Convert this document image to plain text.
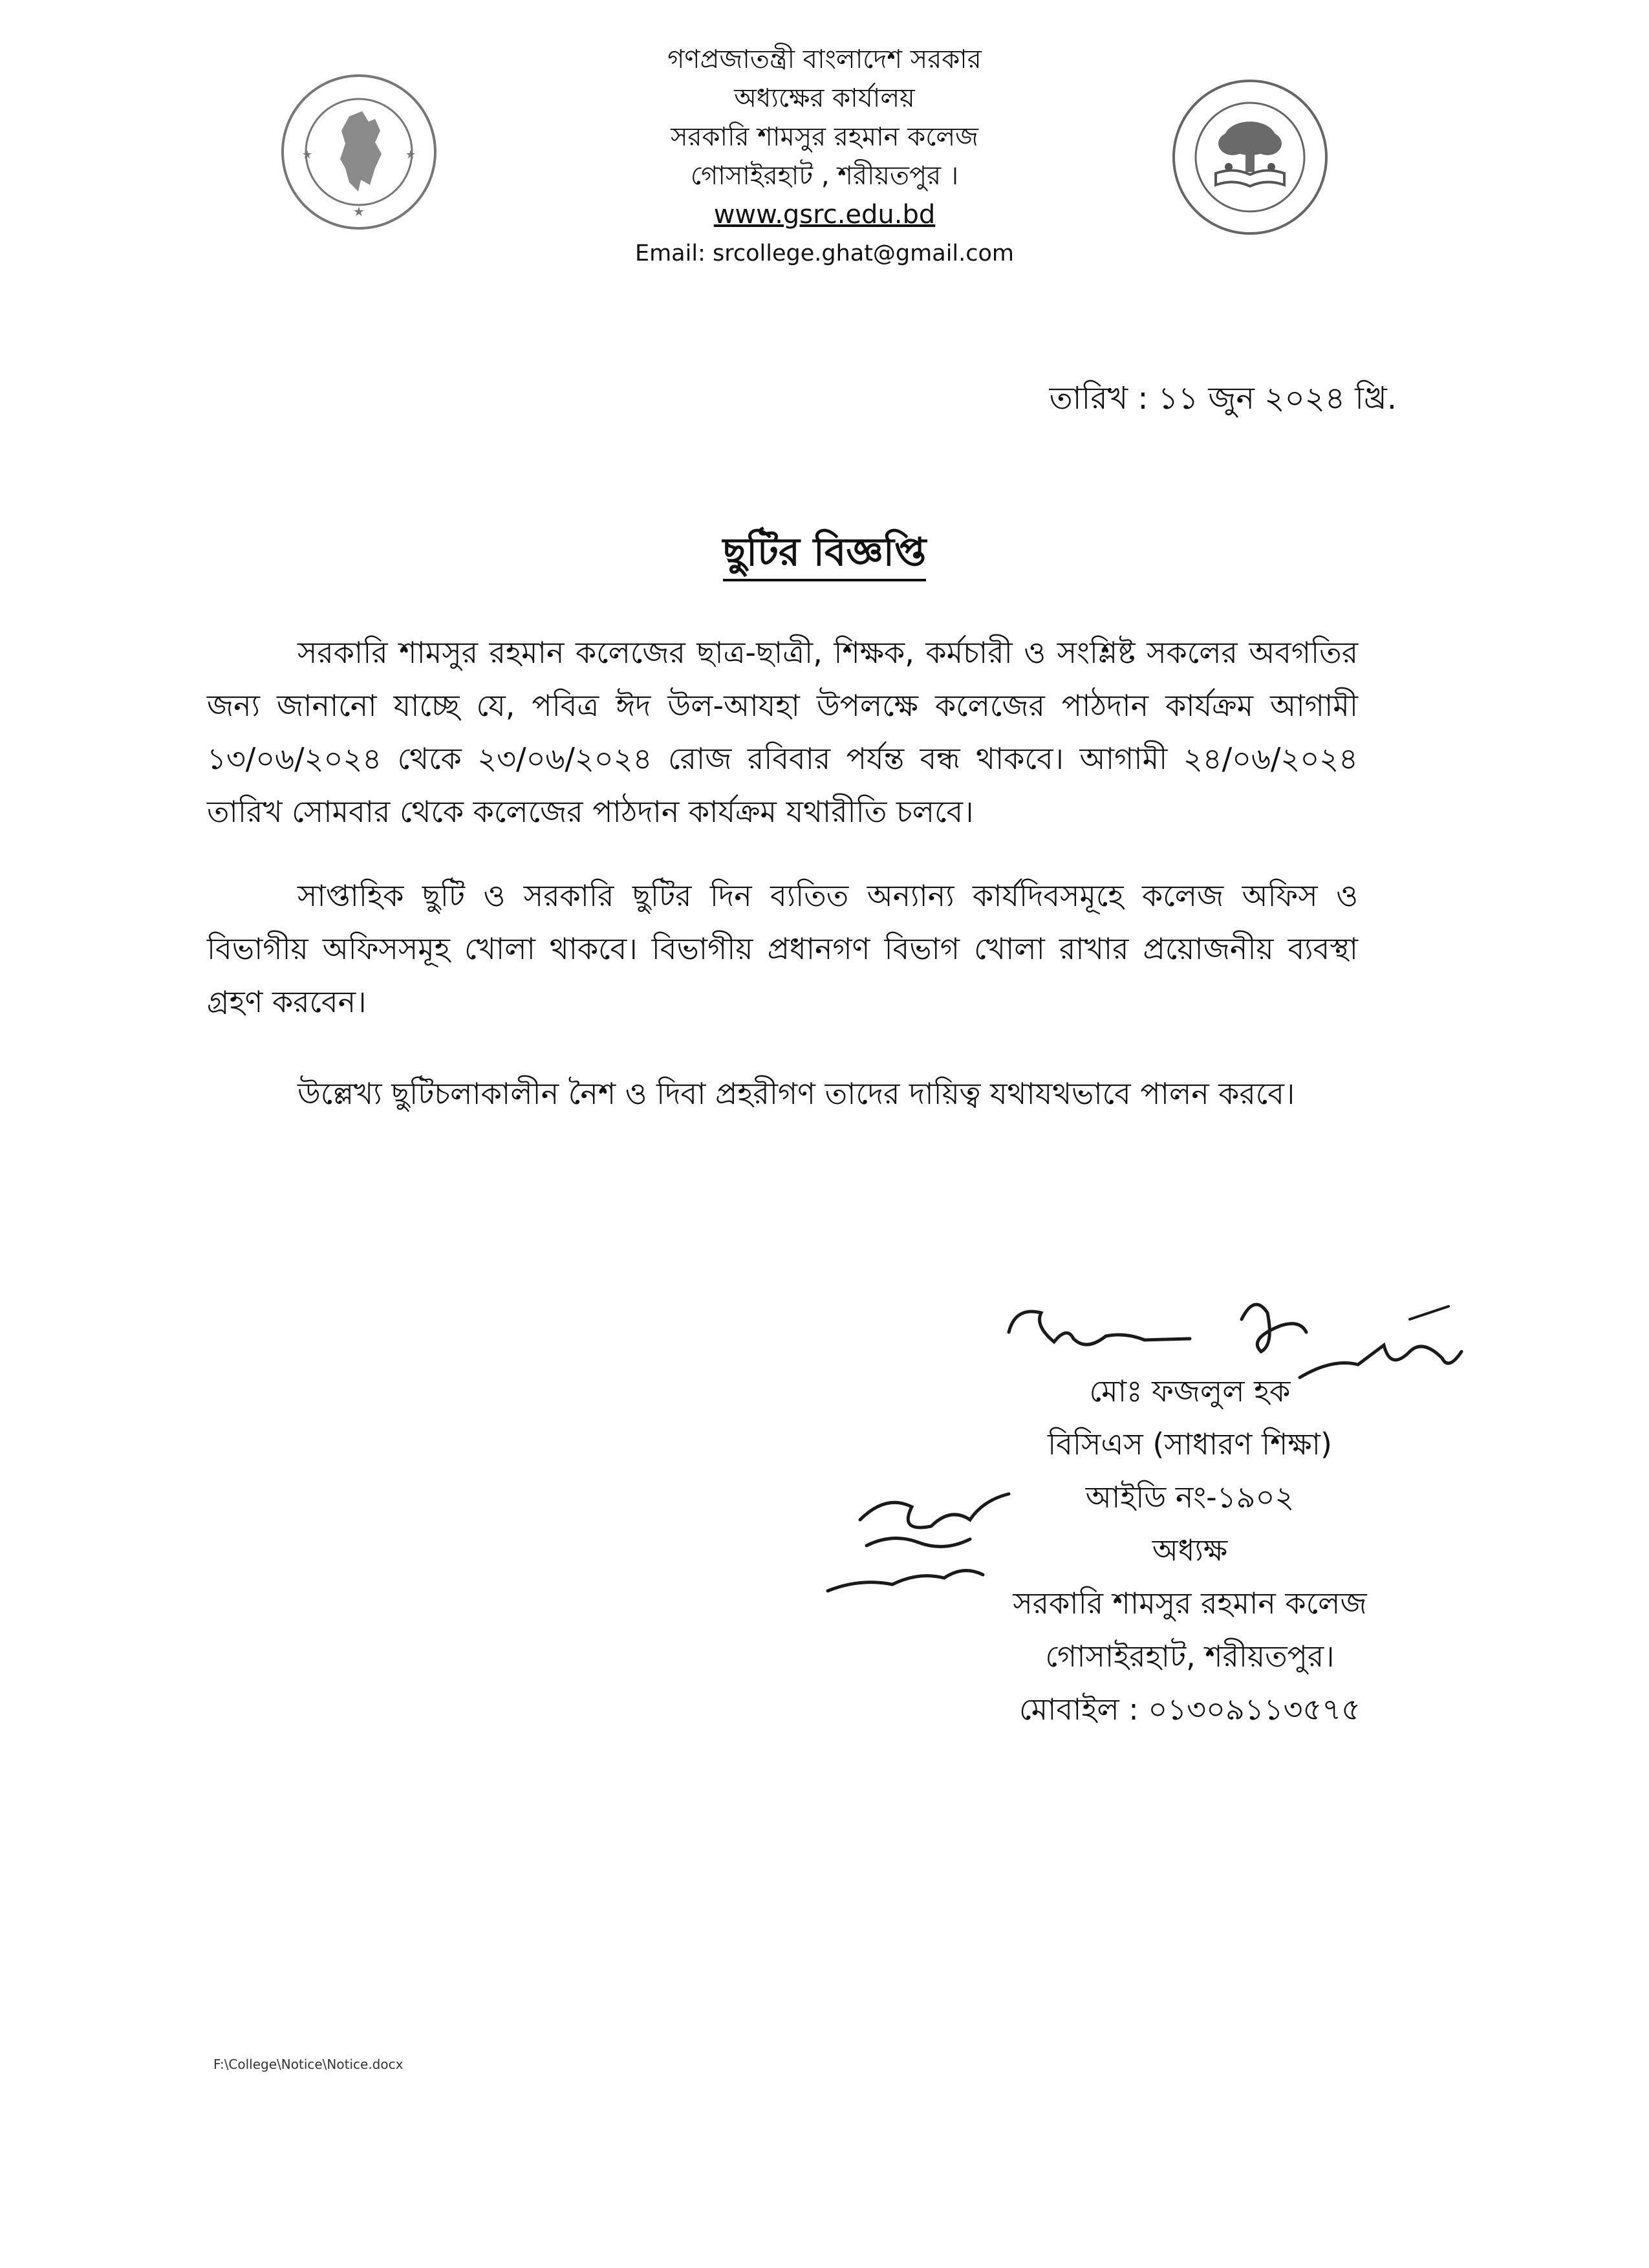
★
★	★
গণপ্রজাতন্ত্রী বাংলাদেশ সরকার
অধ্যক্ষের কার্যালয়
সরকারি শামসুর রহমান কলেজ
গোসাইরহাট , শরীয়তপুর ।
www.gsrc.edu.bd
Email: srcollege.ghat@gmail.com
তারিখ : ১১ জুন ২০২৪ খ্রি.
ছুটির বিজ্ঞপ্তি
সরকারি শামসুর রহমান কলেজের ছাত্র-ছাত্রী, শিক্ষক, কর্মচারী ও সংশ্লিষ্ট সকলের অবগতির জন্য জানানো যাচ্ছে যে, পবিত্র ঈদ উল-আযহা উপলক্ষে কলেজের পাঠদান কার্যক্রম আগামী ১৩/০৬/২০২৪ থেকে ২৩/০৬/২০২৪ রোজ রবিবার পর্যন্ত বন্ধ থাকবে। আগামী ২৪/০৬/২০২৪ তারিখ সোমবার থেকে কলেজের পাঠদান কার্যক্রম যথারীতি চলবে।
সাপ্তাহিক ছুটি ও সরকারি ছুটির দিন ব্যতিত অন্যান্য কার্যদিবসমূহে কলেজ অফিস ও বিভাগীয় অফিসসমূহ খোলা থাকবে। বিভাগীয় প্রধানগণ বিভাগ খোলা রাখার প্রয়োজনীয় ব্যবস্থা গ্রহণ করবেন।
উল্লেখ্য ছুটিচলাকালীন নৈশ ও দিবা প্রহরীগণ তাদের দায়িত্ব যথাযথভাবে পালন করবে।
মোঃ ফজলুল হক
বিসিএস (সাধারণ শিক্ষা)
আইডি নং-১৯০২
অধ্যক্ষ
সরকারি শামসুর রহমান কলেজ
গোসাইরহাট, শরীয়তপুর।
মোবাইল : ০১৩০৯১১৩৫৭৫
F:\College\Notice\Notice.docx
